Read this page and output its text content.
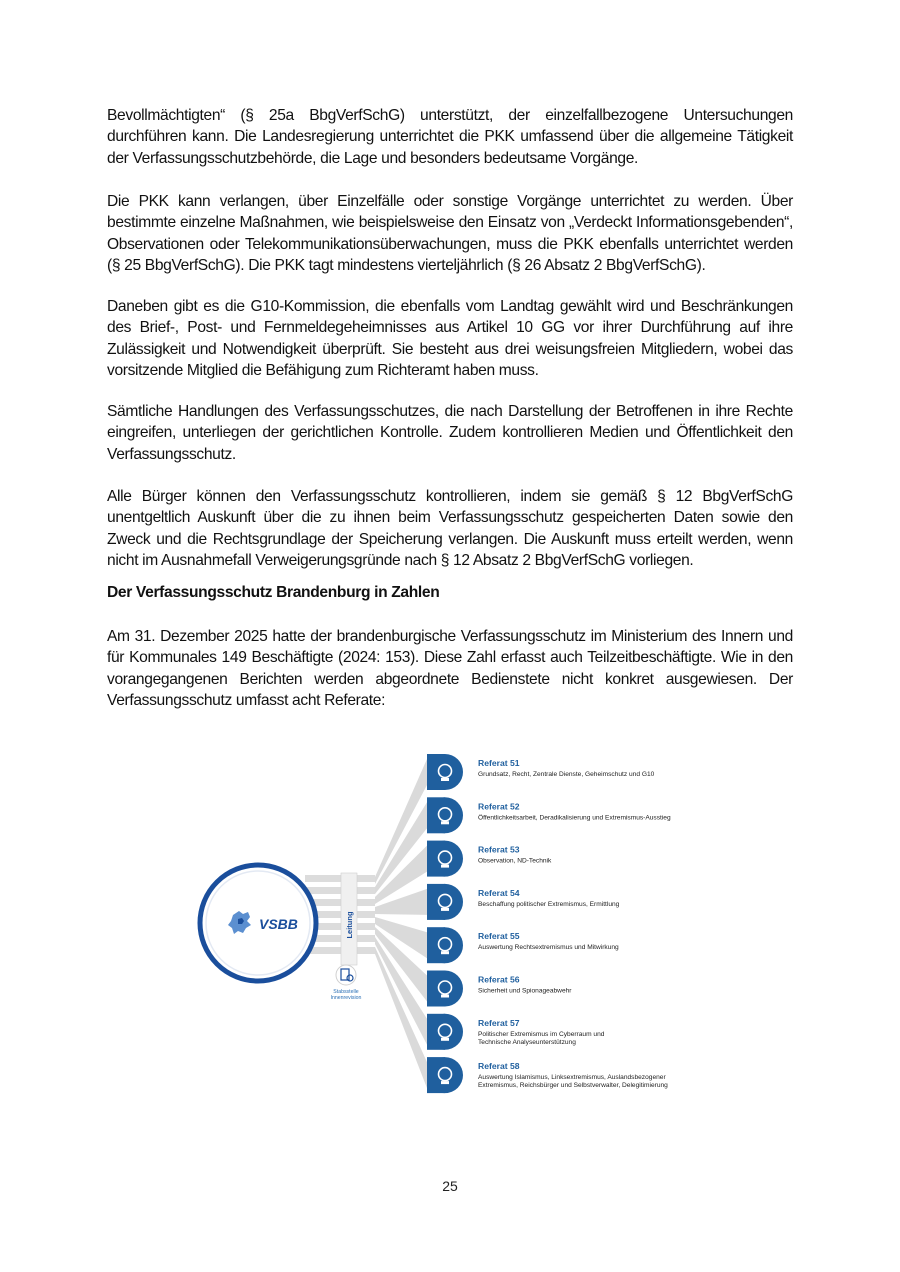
Bevollmächtigten“ (§ 25a BbgVerfSchG) unterstützt, der einzelfallbezogene Untersuchungen durchführen kann. Die Landesregierung unterrichtet die PKK umfassend über die allgemeine Tätigkeit der Verfassungsschutzbehörde, die Lage und besonders bedeutsame Vorgänge.

Die PKK kann verlangen, über Einzelfälle oder sonstige Vorgänge unterrichtet zu werden. Über bestimmte einzelne Maßnahmen, wie beispielsweise den Einsatz von „Verdeckt Informationsgebenden“, Observationen oder Telekommunikationsüberwachungen, muss die PKK ebenfalls unterrichtet werden (§ 25 BbgVerfSchG). Die PKK tagt mindestens vierteljährlich (§ 26 Absatz 2 BbgVerfSchG).

Daneben gibt es die G10-Kommission, die ebenfalls vom Landtag gewählt wird und Beschränkungen des Brief-, Post- und Fernmeldegeheimnisses aus Artikel 10 GG vor ihrer Durchführung auf ihre Zulässigkeit und Notwendigkeit überprüft. Sie besteht aus drei weisungsfreien Mitgliedern, wobei das vorsitzende Mitglied die Befähigung zum Richteramt haben muss.

Sämtliche Handlungen des Verfassungsschutzes, die nach Darstellung der Betroffenen in ihre Rechte eingreifen, unterliegen der gerichtlichen Kontrolle. Zudem kontrollieren Medien und Öffentlichkeit den Verfassungsschutz.

Alle Bürger können den Verfassungsschutz kontrollieren, indem sie gemäß § 12 BbgVerfSchG unentgeltlich Auskunft über die zu ihnen beim Verfassungsschutz gespeicherten Daten sowie den Zweck und die Rechtsgrundlage der Speicherung verlangen. Die Auskunft muss erteilt werden, wenn nicht im Ausnahmefall Verweigerungsgründe nach § 12 Absatz 2 BbgVerfSchG vorliegen.

Der Verfassungsschutz Brandenburg in Zahlen

Am 31. Dezember 2025 hatte der brandenburgische Verfassungsschutz im Ministerium des Innern und für Kommunales 149 Beschäftigte (2024: 153). Diese Zahl erfasst auch Teilzeitbeschäftigte. Wie in den vorangegangenen Berichten werden abgeordnete Bedienstete nicht konkret ausgewiesen. Der Verfassungsschutz umfasst acht Referate:

Leitung
VSBB
Stabsstelle
Innenrevision
Referat 51
Grundsatz, Recht, Zentrale Dienste, Geheimschutz und G10
Referat 52
Öffentlichkeitsarbeit, Deradikalisierung und Extremismus-Ausstieg
Referat 53
Observation, ND-Technik
Referat 54
Beschaffung politischer Extremismus, Ermittlung
Referat 55
Auswertung Rechtsextremismus und Mitwirkung
Referat 56
Sicherheit und Spionageabwehr
Referat 57
Politischer Extremismus im Cyberraum und
Technische Analyseunterstützung
Referat 58
Auswertung Islamismus, Linksextremismus, Auslandsbezogener
Extremismus, Reichsbürger und Selbstverwalter, Delegitimierung
25
